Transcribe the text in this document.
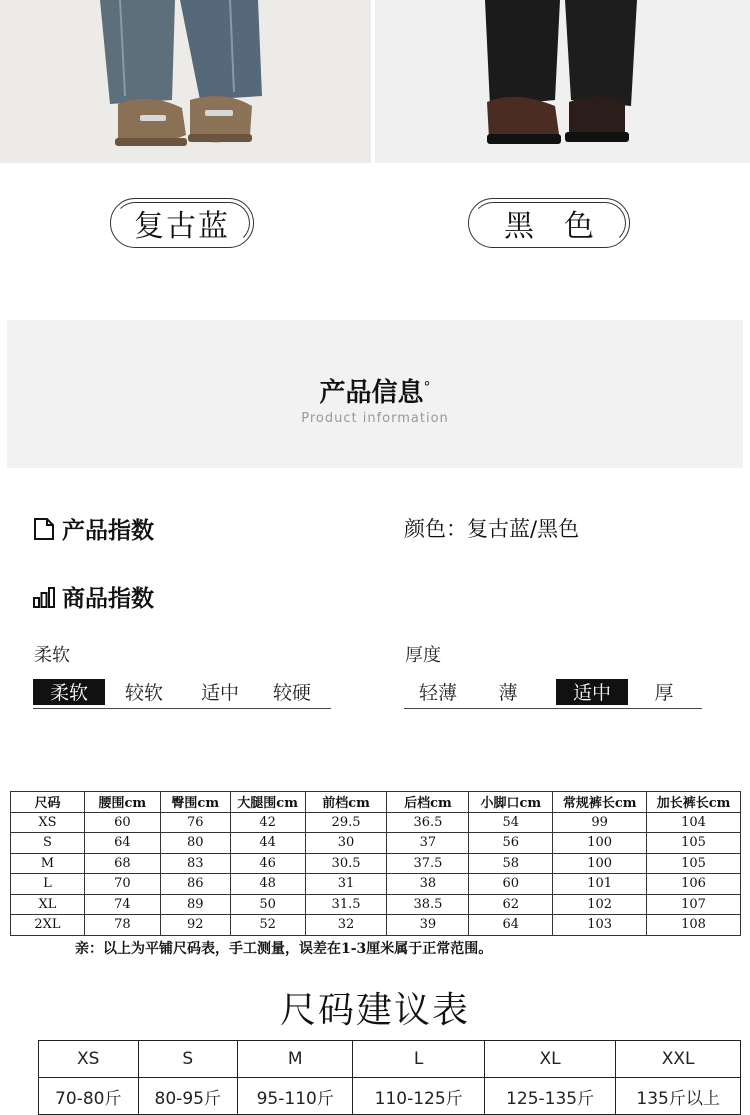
复古蓝	黑色
产品信息°
Product information
产品指数	颜色：复古蓝/黑色
商品指数
柔软
柔软	较软	适中	较硬
厚度
轻薄	薄	适中	厚
尺码	腰围cm	臀围cm	大腿围cm	前档cm	后档cm	小脚口cm	常规裤长cm	加长裤长cm
XS	60	76	42	29.5	36.5	54	99	104
S	64	80	44	30	37	56	100	105
M	68	83	46	30.5	37.5	58	100	105
L	70	86	48	31	38	60	101	106
XL	74	89	50	31.5	38.5	62	102	107
2XL	78	92	52	32	39	64	103	108
亲：以上为平铺尺码表，手工测量，误差在1-3厘米属于正常范围。
尺码建议表
XS	S	M	L	XL	XXL
70-80斤	80-95斤	95-110斤	110-125斤	125-135斤	135斤以上
